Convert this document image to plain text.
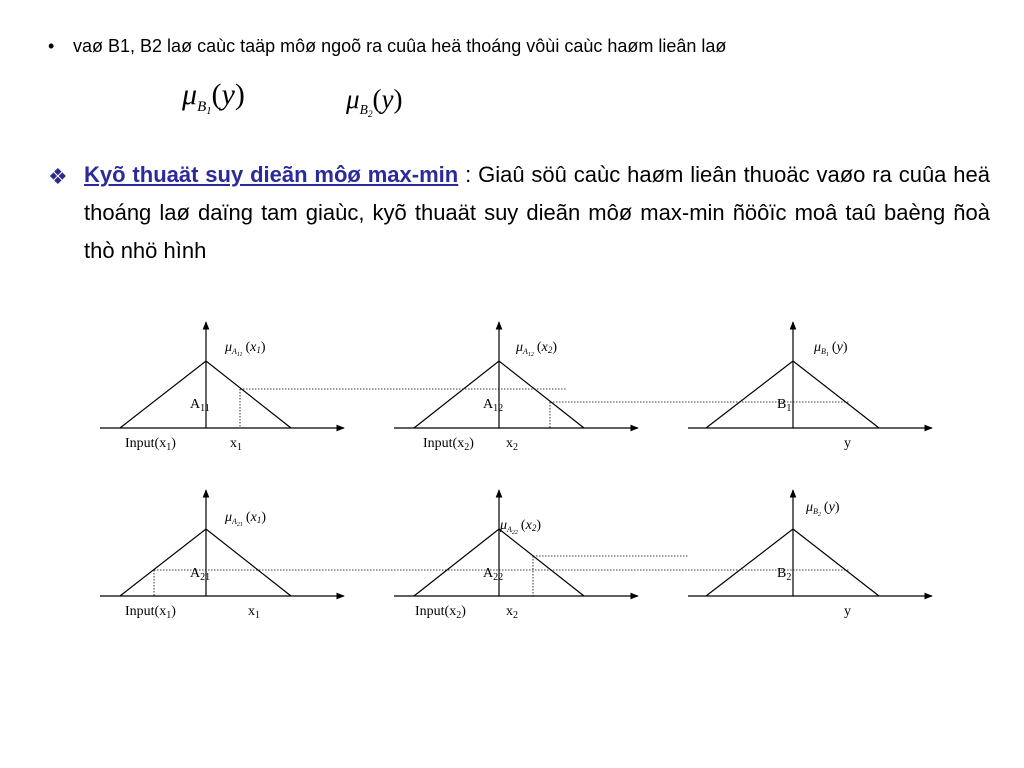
• vaø B1, B2 laø caùc taäp môø ngoõ ra cuûa heä thoáng vôùi caùc haøm lieân laø
$\mu_{B_1}(y)$	$\mu_{B_2}(y)$
❖ Kyõ thuaät suy dieãn môø max-min : Giaû söû caùc haøm lieân thuoäc vaøo ra cuûa heä thoáng laø daïng tam giaùc, kyõ thuaät suy dieãn môø max-min ñöôïc moâ taû baèng ñoà thò nhö hình
$Input(x_1)$	$x_1$	$Input(x_2)$ $x_2$	y
$A_{11}$	$A_{12}$	$B_1$
$\mu_A11$ (x1)	$\mu_A12$ (x2)	$\mu_B1$ (y)
$Input(x_1)$	$x_1$	$Input(x_2)$	$x_2$	y
$A_{21}$	$A_{22}$	$B_2$
$\mu_A21$ (x1)
$\mu_A22$ (x2)
$\mu_B2$ (y)
